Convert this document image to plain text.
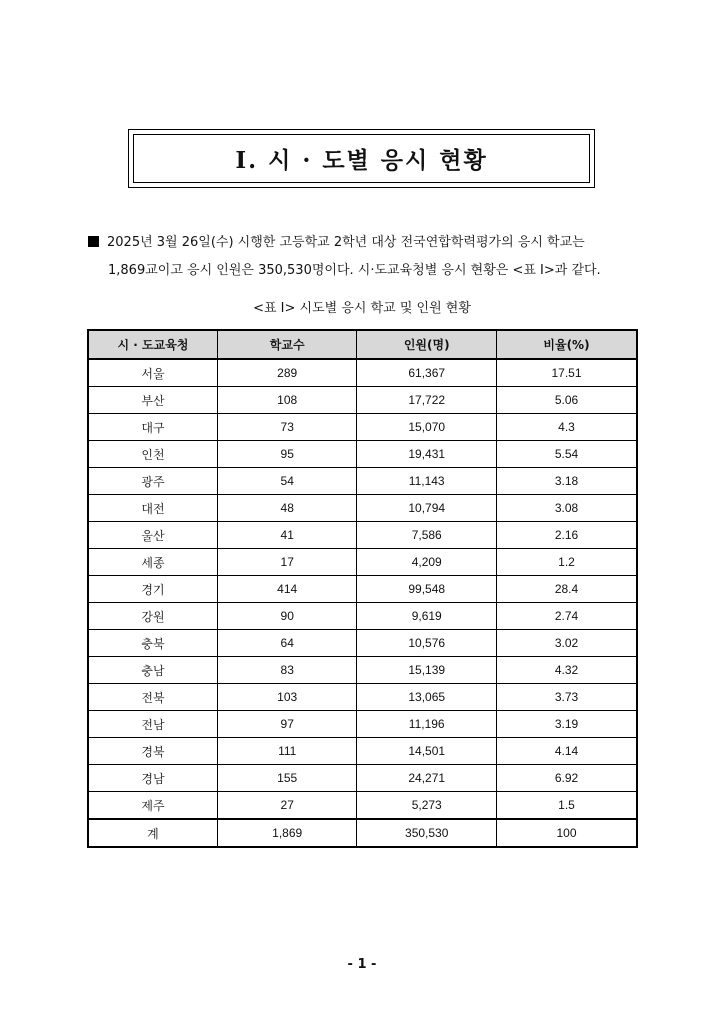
I. 시 · 도별 응시 현황
2025년 3월 26일(수) 시행한 고등학교 2학년 대상 전국연합학력평가의 응시 학교는
1,869교이고 응시 인원은 350,530명이다. 시·도교육청별 응시 현황은 <표 Ⅰ>과 같다.
<표 Ⅰ> 시도별 응시 학교 및 인원 현황
시 · 도교육청	학교수	인원(명)	비율(%)
서울	289	61,367	17.51
부산	108	17,722	5.06
대구	73	15,070	4.3
인천	95	19,431	5.54
광주	54	11,143	3.18
대전	48	10,794	3.08
울산	41	7,586	2.16
세종	17	4,209	1.2
경기	414	99,548	28.4
강원	90	9,619	2.74
충북	64	10,576	3.02
충남	83	15,139	4.32
전북	103	13,065	3.73
전남	97	11,196	3.19
경북	111	14,501	4.14
경남	155	24,271	6.92
제주	27	5,273	1.5
계	1,869	350,530	100
- 1 -
